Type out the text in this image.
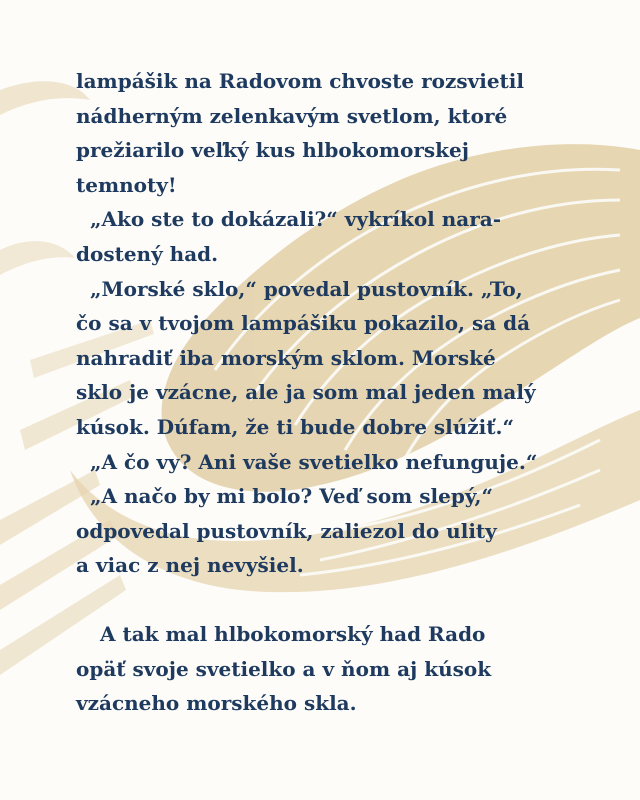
lampášik na Radovom chvoste rozsvietil
nádherným zelenkavým svetlom, ktoré
prežiarilo veľký kus hlbokomorskej
temnoty!
„Ako ste to dokázali?“ vykríkol nara-
dostený had.
„Morské sklo,“ povedal pustovník. „To,
čo sa v tvojom lampášiku pokazilo, sa dá
nahradiť iba morským sklom. Morské
sklo je vzácne, ale ja som mal jeden malý
kúsok. Dúfam, že ti bude dobre slúžiť.“
„A čo vy? Ani vaše svetielko nefunguje.“
„A načo by mi bolo? Veď som slepý,“
odpovedal pustovník, zaliezol do ulity
a viac z nej nevyšiel.
A tak mal hlbokomorský had Rado
opäť svoje svetielko a v ňom aj kúsok
vzácneho morského skla.
